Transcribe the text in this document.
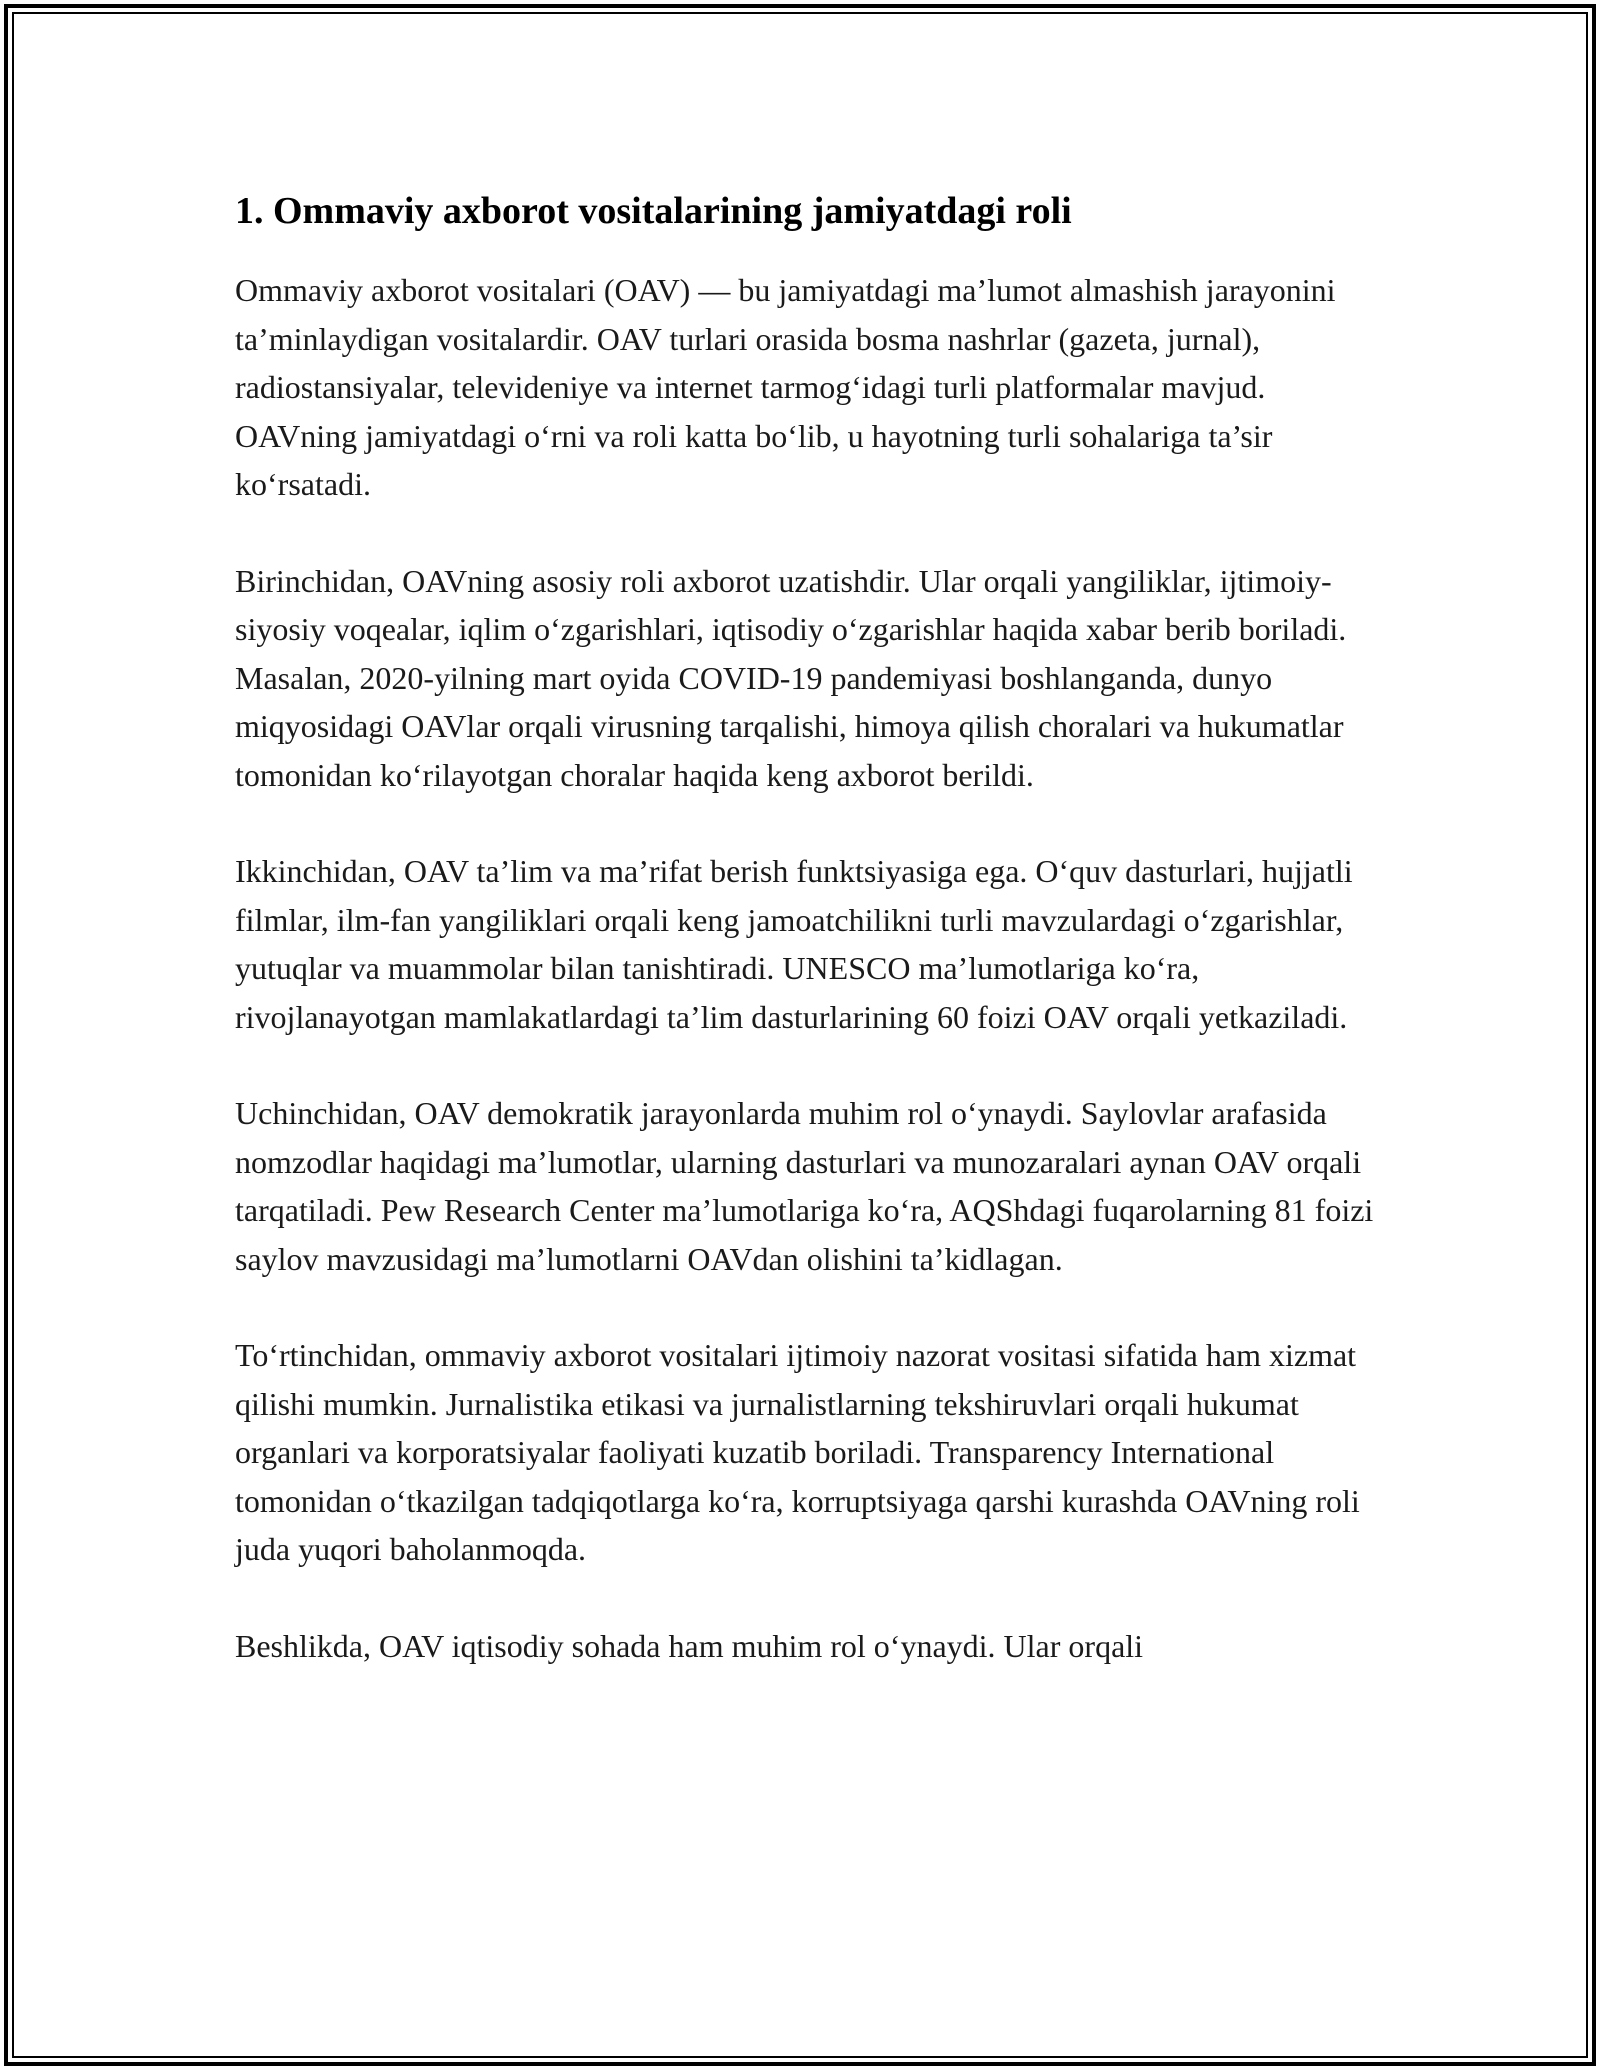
1. Ommaviy axborot vositalarining jamiyatdagi roli

Ommaviy axborot vositalari (OAV) — bu jamiyatdagi ma’lumot almashish jarayonini ta’minlaydigan vositalardir. OAV turlari orasida bosma nashrlar (gazeta, jurnal), radiostansiyalar, televideniye va internet tarmog‘idagi turli platformalar mavjud. OAVning jamiyatdagi o‘rni va roli katta bo‘lib, u hayotning turli sohalariga ta’sir ko‘rsatadi.

Birinchidan, OAVning asosiy roli axborot uzatishdir. Ular orqali yangiliklar, ijtimoiy-siyosiy voqealar, iqlim o‘zgarishlari, iqtisodiy o‘zgarishlar haqida xabar berib boriladi. Masalan, 2020-yilning mart oyida COVID-19 pandemiyasi boshlanganda, dunyo miqyosidagi OAVlar orqali virusning tarqalishi, himoya qilish choralari va hukumatlar tomonidan ko‘rilayotgan choralar haqida keng axborot berildi.

Ikkinchidan, OAV ta’lim va ma’rifat berish funktsiyasiga ega. O‘quv dasturlari, hujjatli filmlar, ilm-fan yangiliklari orqali keng jamoatchilikni turli mavzulardagi o‘zgarishlar, yutuqlar va muammolar bilan tanishtiradi. UNESCO ma’lumotlariga ko‘ra, rivojlanayotgan mamlakatlardagi ta’lim dasturlarining 60 foizi OAV orqali yetkaziladi.

Uchinchidan, OAV demokratik jarayonlarda muhim rol o‘ynaydi. Saylovlar arafasida nomzodlar haqidagi ma’lumotlar, ularning dasturlari va munozaralari aynan OAV orqali tarqatiladi. Pew Research Center ma’lumotlariga ko‘ra, AQShdagi fuqarolarning 81 foizi saylov mavzusidagi ma’lumotlarni OAVdan olishini ta’kidlagan.

To‘rtinchidan, ommaviy axborot vositalari ijtimoiy nazorat vositasi sifatida ham xizmat qilishi mumkin. Jurnalistika etikasi va jurnalistlarning tekshiruvlari orqali hukumat organlari va korporatsiyalar faoliyati kuzatib boriladi. Transparency International tomonidan o‘tkazilgan tadqiqotlarga ko‘ra, korruptsiyaga qarshi kurashda OAVning roli juda yuqori baholanmoqda.

Beshlikda, OAV iqtisodiy sohada ham muhim rol o‘ynaydi. Ular orqali
